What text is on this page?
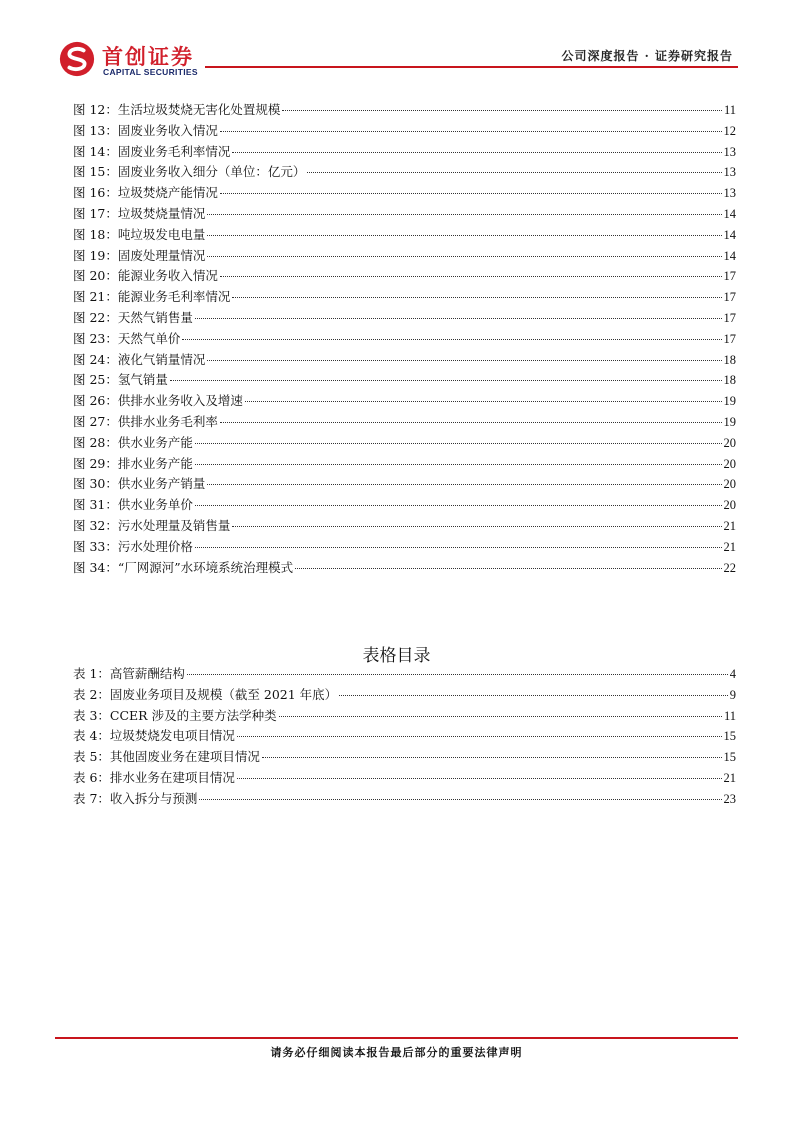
首创证券
CAPITAL SECURITIES
公司深度报告 · 证券研究报告
图 12：生活垃圾焚烧无害化处置规模	11
图 13：固废业务收入情况	12
图 14：固废业务毛利率情况	13
图 15：固废业务收入细分（单位：亿元）	13
图 16：垃圾焚烧产能情况	13
图 17：垃圾焚烧量情况	14
图 18：吨垃圾发电电量	14
图 19：固废处理量情况	14
图 20：能源业务收入情况	17
图 21：能源业务毛利率情况	17
图 22：天然气销售量	17
图 23：天然气单价	17
图 24：液化气销量情况	18
图 25：氢气销量	18
图 26：供排水业务收入及增速	19
图 27：供排水业务毛利率	19
图 28：供水业务产能	20
图 29：排水业务产能	20
图 30：供水业务产销量	20
图 31：供水业务单价	20
图 32：污水处理量及销售量	21
图 33：污水处理价格	21
图 34：“厂网源河”水环境系统治理模式	22
表格目录
表 1：高管薪酬结构	4
表 2：固废业务项目及规模（截至 2021 年底）	9
表 3：CCER 涉及的主要方法学种类	11
表 4：垃圾焚烧发电项目情况	15
表 5：其他固废业务在建项目情况	15
表 6：排水业务在建项目情况	21
表 7：收入拆分与预测	23
请务必仔细阅读本报告最后部分的重要法律声明
